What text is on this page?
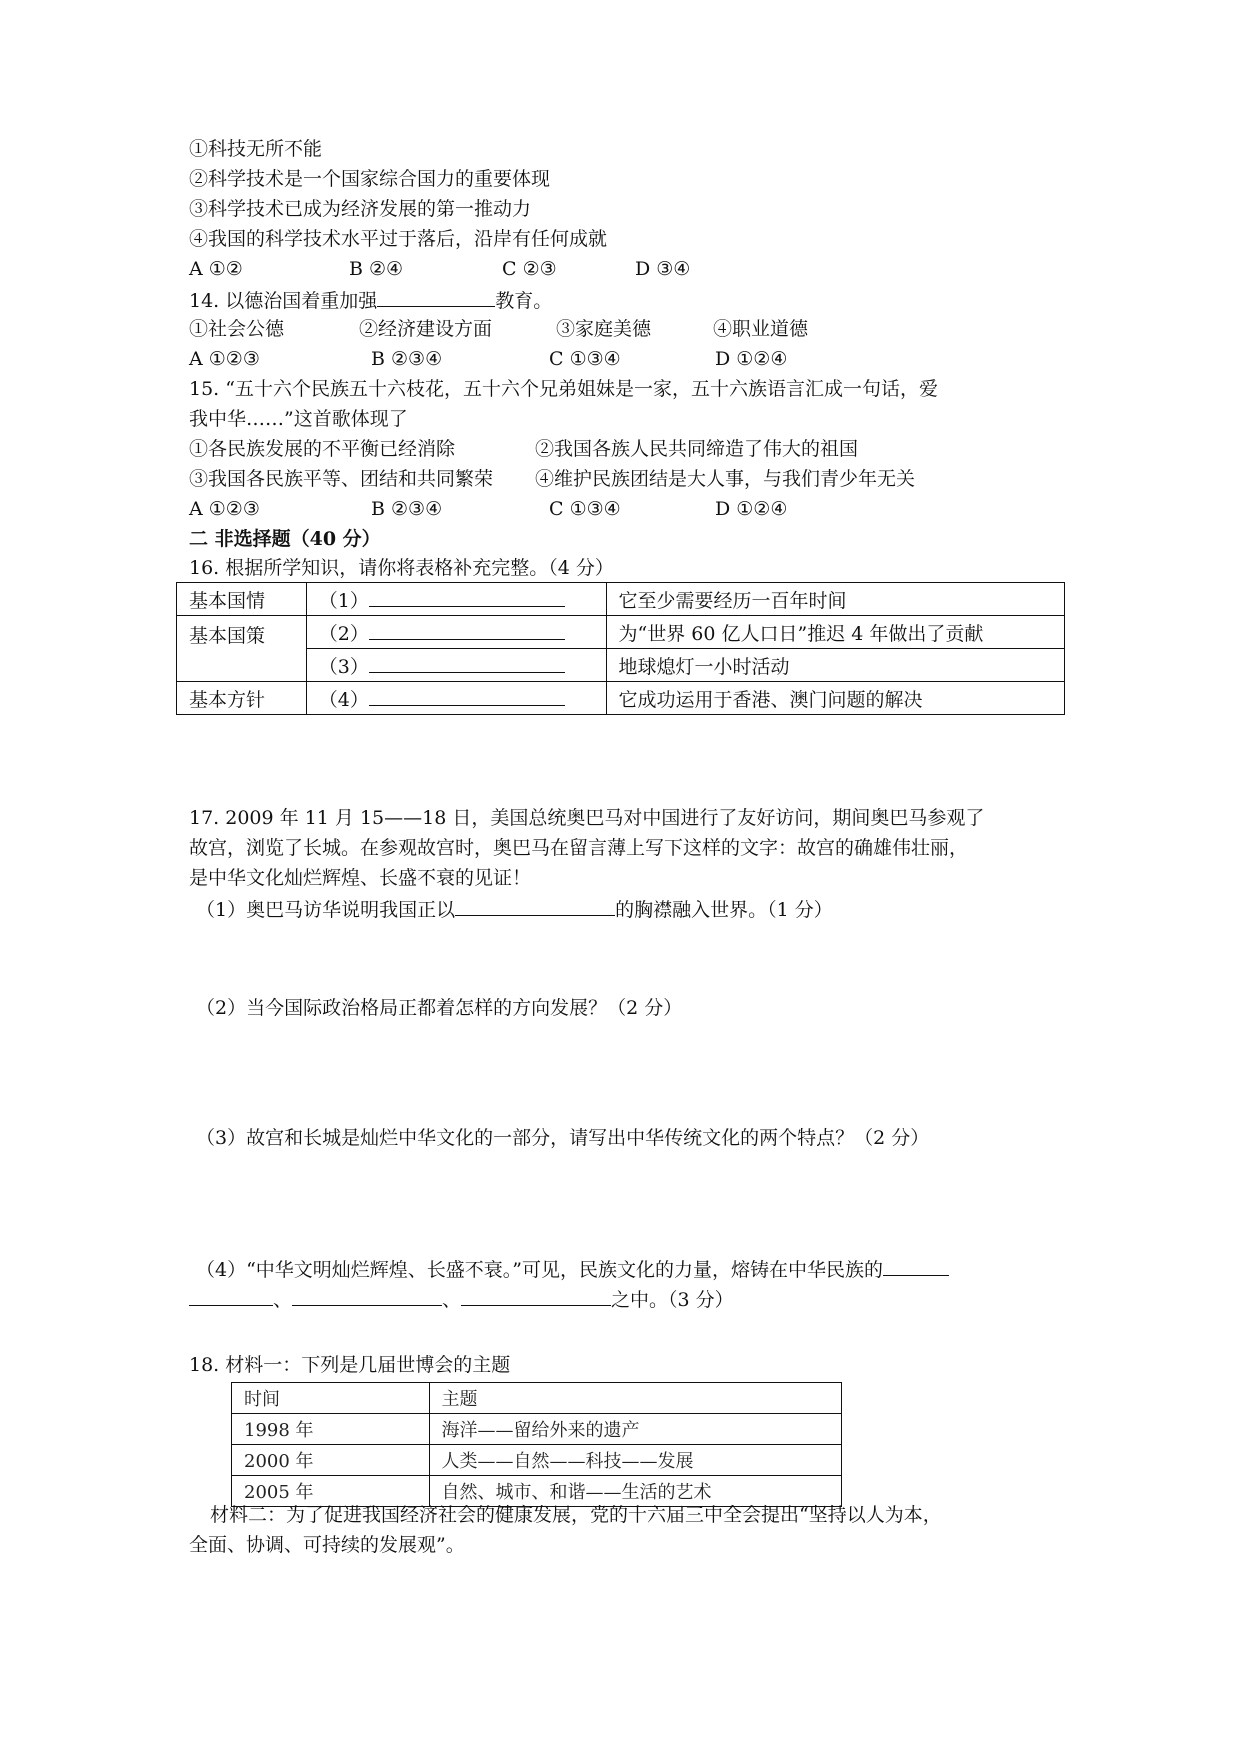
①科技无所不能
②科学技术是一个国家综合国力的重要体现
③科学技术已成为经济发展的第一推动力
④我国的科学技术水平过于落后，沿岸有任何成就
A ①②	B ②④	C ②③	D ③④
14. 以德治国着重加强	教育。
①社会公德	②经济建设方面	③家庭美德	④职业道德
A ①②③	B ②③④	C ①③④	D ①②④
15. “五十六个民族五十六枝花，五十六个兄弟姐妹是一家，五十六族语言汇成一句话，爱
我中华……”这首歌体现了
①各民族发展的不平衡已经消除	②我国各族人民共同缔造了伟大的祖国
③我国各民族平等、团结和共同繁荣 ④维护民族团结是大人事，与我们青少年无关
A ①②③	B ②③④	C ①③④	D ①②④
二 非选择题（40 分）
16. 根据所学知识，请你将表格补充完整。（4 分）
基本国情	（1）	它至少需要经历一百年时间
基本国策	（2）	为“世界 60 亿人口日”推迟 4 年做出了贡献
	（3）	地球熄灯一小时活动
基本方针	（4）	它成功运用于香港、澳门问题的解决
17. 2009 年 11 月 15——18 日，美国总统奥巴马对中国进行了友好访问，期间奥巴马参观了
故宫，浏览了长城。在参观故宫时，奥巴马在留言薄上写下这样的文字：故宫的确雄伟壮丽，
是中华文化灿烂辉煌、长盛不衰的见证！
（1）奥巴马访华说明我国正以	的胸襟融入世界。（1 分）
（2）当今国际政治格局正都着怎样的方向发展？（2 分）
（3）故宫和长城是灿烂中华文化的一部分，请写出中华传统文化的两个特点？（2 分）
（4）“中华文明灿烂辉煌、长盛不衰。”可见，民族文化的力量，熔铸在中华民族的
、	、	之中。（3 分）
18. 材料一：下列是几届世博会的主题
时间	主题
1998 年	海洋——留给外来的遗产
2000 年	人类——自然——科技——发展
2005 年	自然、城市、和谐——生活的艺术
材料二：为了促进我国经济社会的健康发展，党的十六届三中全会提出“坚持以人为本，
全面、协调、可持续的发展观”。
